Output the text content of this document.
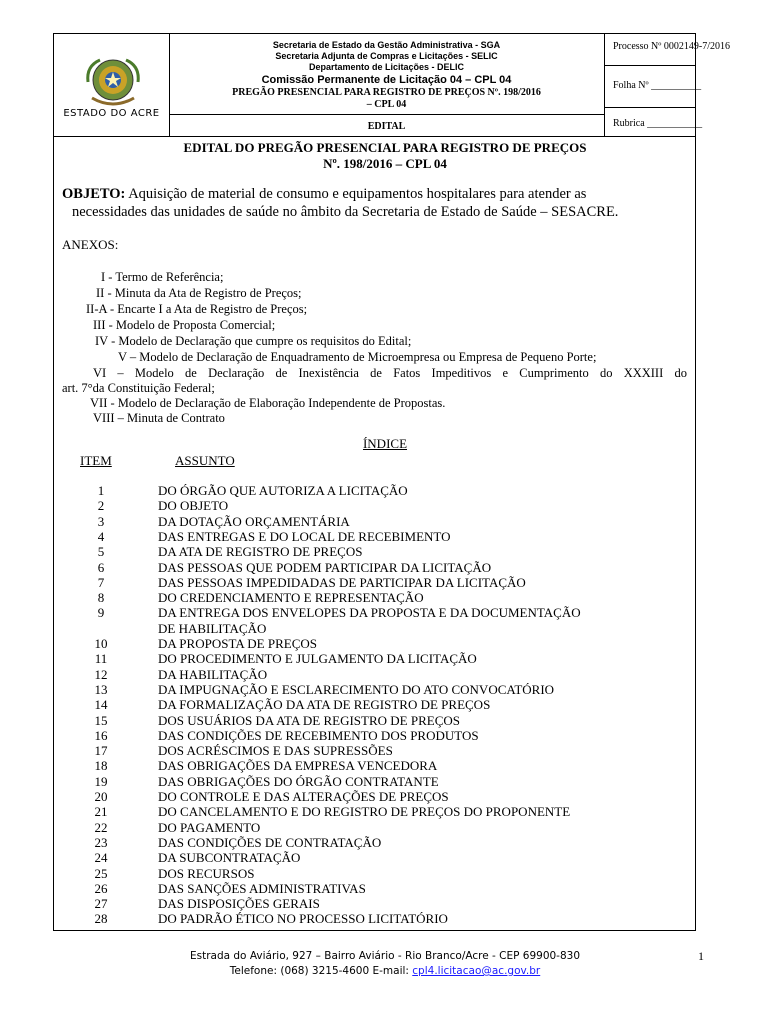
ESTADO DO ACRE
Secretaria de Estado da Gestão Administrativa - SGA
Secretaria Adjunta de Compras e Licitações - SELIC
Departamento de Licitações - DELIC
Comissão Permanente de Licitação 04 – CPL 04
PREGÃO PRESENCIAL PARA REGISTRO DE PREÇOS Nº. 198/2016
– CPL 04
EDITAL
Processo Nº 0002149-7/2016
Folha Nº __________
Rubrica ___________
EDITAL DO PREGÃO PRESENCIAL PARA REGISTRO DE PREÇOS
Nº. 198/2016 – CPL 04
OBJETO: Aquisição de material de consumo e equipamentos hospitalares para atender as
necessidades das unidades de saúde no âmbito da Secretaria de Estado de Saúde – SESACRE.
ANEXOS:
I - Termo de Referência;
II - Minuta da Ata de Registro de Preços;
II-A - Encarte I a Ata de Registro de Preços;
III - Modelo de Proposta Comercial;
IV - Modelo de Declaração que cumpre os requisitos do Edital;
V – Modelo de Declaração de Enquadramento de Microempresa ou Empresa de Pequeno Porte;
VI – Modelo de Declaração de Inexistência de Fatos Impeditivos e Cumprimento do XXXIII do
art. 7°da Constituição Federal;
VII - Modelo de Declaração de Elaboração Independente de Propostas.
VIII – Minuta de Contrato
ÍNDICE
ITEM	ASSUNTO
1	DO ÓRGÃO QUE AUTORIZA A LICITAÇÃO
2	DO OBJETO
3	DA DOTAÇÃO ORÇAMENTÁRIA
4	DAS ENTREGAS E DO LOCAL DE RECEBIMENTO
5	DA ATA DE REGISTRO DE PREÇOS
6	DAS PESSOAS QUE PODEM PARTICIPAR DA LICITAÇÃO
7	DAS PESSOAS IMPEDIDADAS DE PARTICIPAR DA LICITAÇÃO
8	DO CREDENCIAMENTO E REPRESENTAÇÃO
9	DA ENTREGA DOS ENVELOPES DA PROPOSTA E DA DOCUMENTAÇÃO
DE HABILITAÇÃO
10	DA PROPOSTA DE PREÇOS
11	DO PROCEDIMENTO E JULGAMENTO DA LICITAÇÃO
12	DA HABILITAÇÃO
13	DA IMPUGNAÇÃO E ESCLARECIMENTO DO ATO CONVOCATÓRIO
14	DA FORMALIZAÇÃO DA ATA DE REGISTRO DE PREÇOS
15	DOS USUÁRIOS DA ATA DE REGISTRO DE PREÇOS
16	DAS CONDIÇÕES DE RECEBIMENTO DOS PRODUTOS
17	DOS ACRÉSCIMOS E DAS SUPRESSÕES
18	DAS OBRIGAÇÕES DA EMPRESA VENCEDORA
19	DAS OBRIGAÇÕES DO ÓRGÃO CONTRATANTE
20	DO CONTROLE E DAS ALTERAÇÕES DE PREÇOS
21	DO CANCELAMENTO E DO REGISTRO DE PREÇOS DO PROPONENTE
22	DO PAGAMENTO
23	DAS CONDIÇÕES DE CONTRATAÇÃO
24	DA SUBCONTRATAÇÃO
25	DOS RECURSOS
26	DAS SANÇÕES ADMINISTRATIVAS
27	DAS DISPOSIÇÕES GERAIS
28	DO PADRÃO ÉTICO NO PROCESSO LICITATÓRIO
Estrada do Aviário, 927 – Bairro Aviário - Rio Branco/Acre - CEP 69900-830
Telefone: (068) 3215-4600 E-mail: cpl4.licitacao@ac.gov.br
1
